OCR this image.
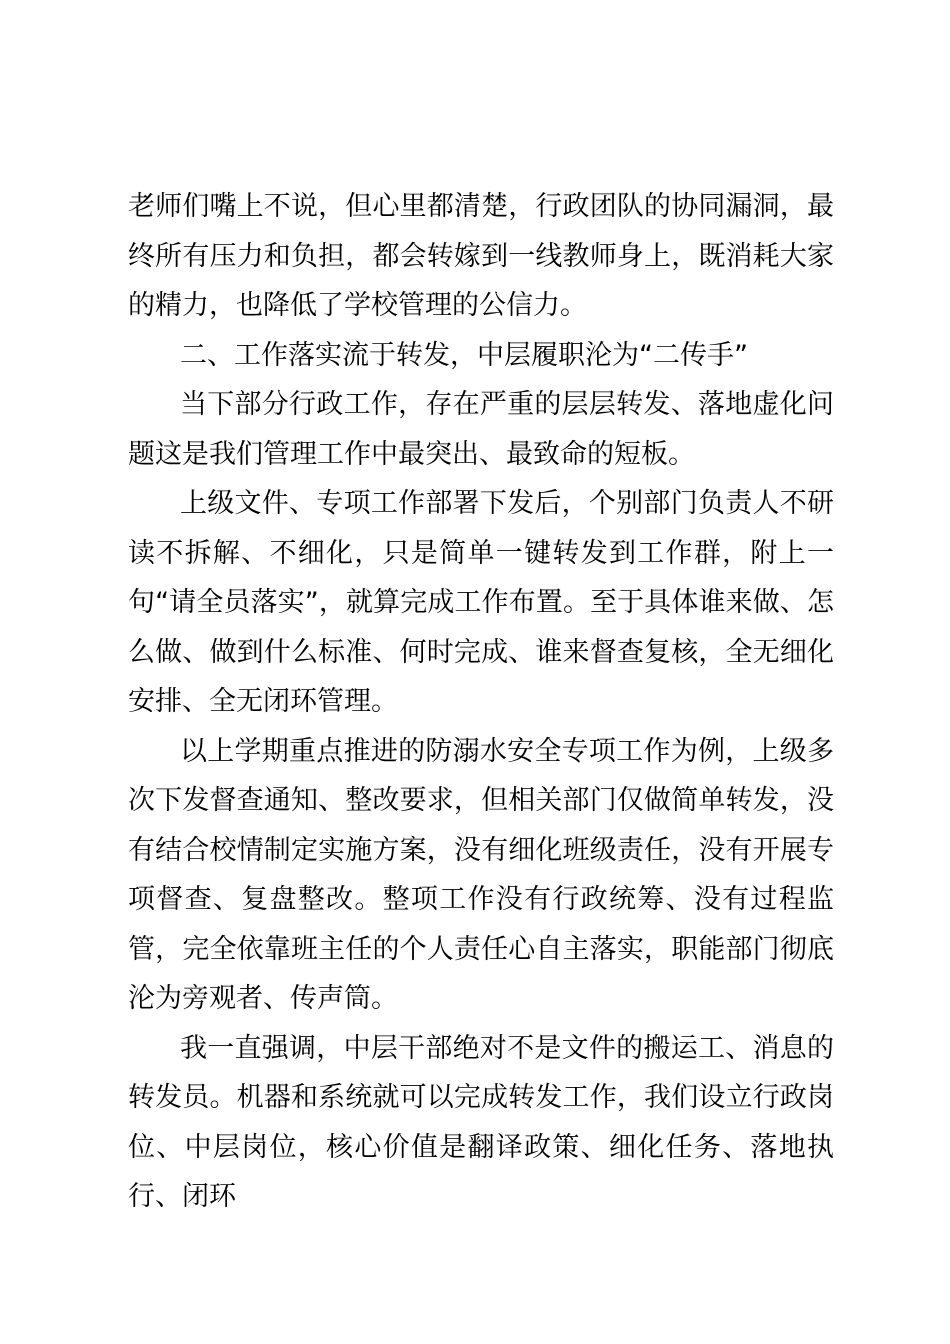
老师们嘴上不说，但心里都清楚，行政团队的协同漏洞，最终所有压力和负担，都会转嫁到一线教师身上，既消耗大家的精力，也降低了学校管理的公信力。

二、工作落实流于转发，中层履职沦为“二传手”

当下部分行政工作，存在严重的层层转发、落地虚化问题这是我们管理工作中最突出、最致命的短板。

上级文件、专项工作部署下发后，个别部门负责人不研读不拆解、不细化，只是简单一键转发到工作群，附上一句“请全员落实”，就算完成工作布置。至于具体谁来做、怎么做、做到什么标准、何时完成、谁来督查复核，全无细化安排、全无闭环管理。

以上学期重点推进的防溺水安全专项工作为例，上级多次下发督查通知、整改要求，但相关部门仅做简单转发，没有结合校情制定实施方案，没有细化班级责任，没有开展专项督查、复盘整改。整项工作没有行政统筹、没有过程监管，完全依靠班主任的个人责任心自主落实，职能部门彻底沦为旁观者、传声筒。

我一直强调，中层干部绝对不是文件的搬运工、消息的转发员。机器和系统就可以完成转发工作，我们设立行政岗位、中层岗位，核心价值是翻译政策、细化任务、落地执行、闭环
